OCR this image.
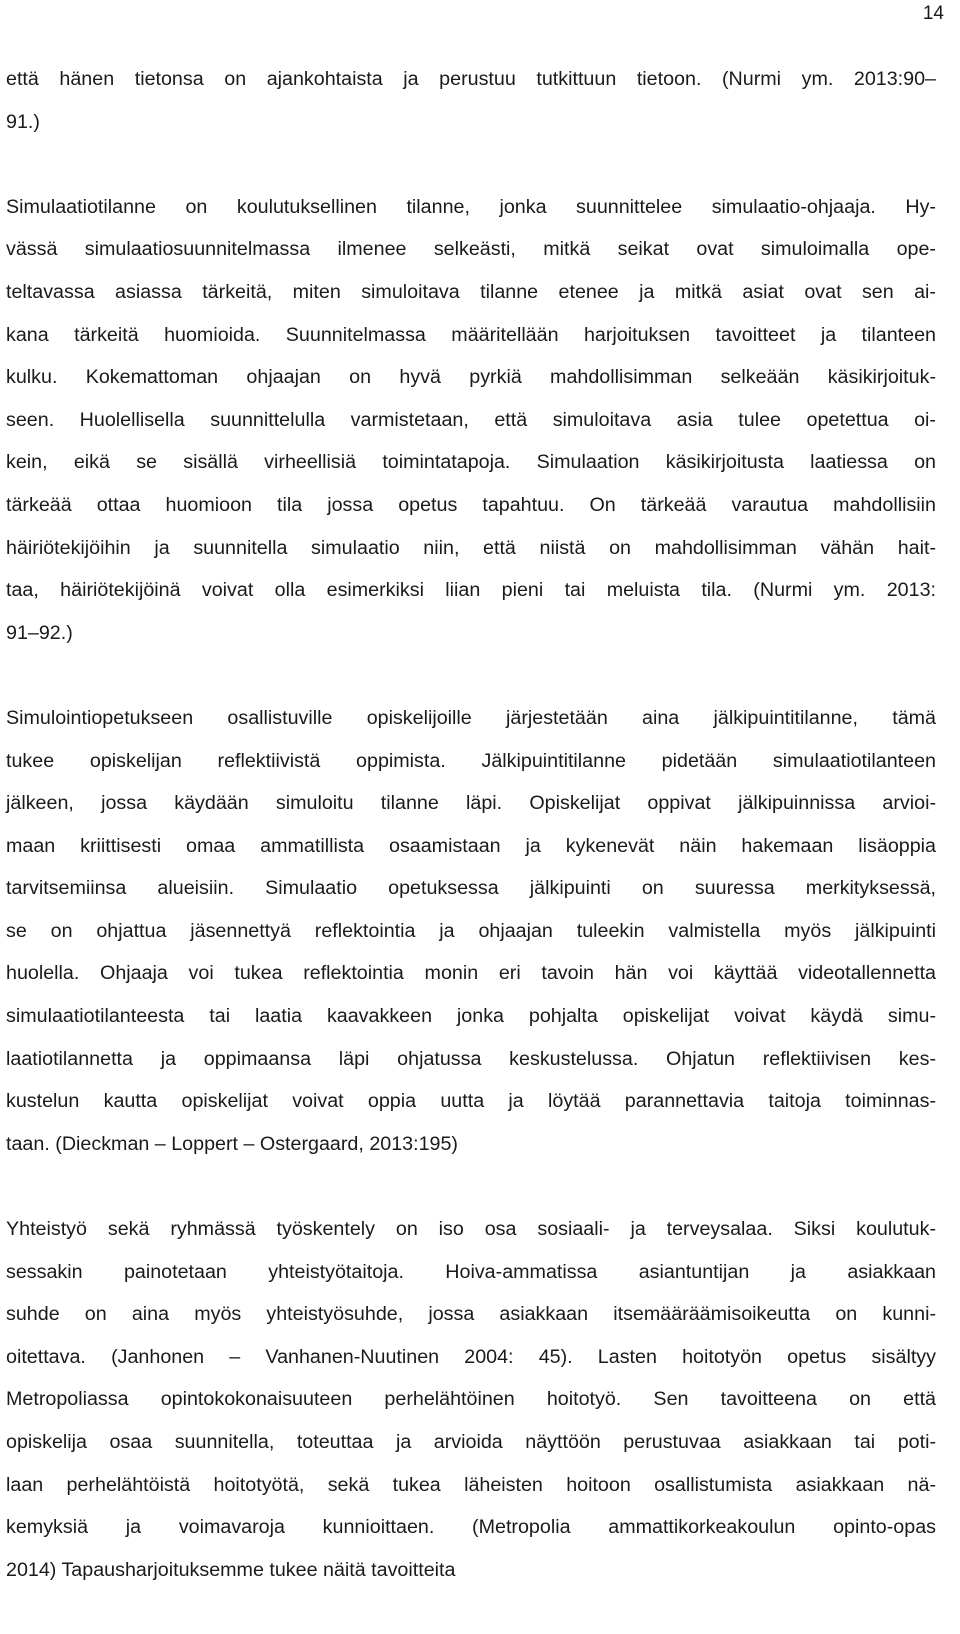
14
että hänen tietonsa on ajankohtaista ja perustuu tutkittuun tietoon. (Nurmi ym. 2013:90–
91.)
Simulaatiotilanne on koulutuksellinen tilanne, jonka suunnittelee simulaatio-ohjaaja. Hy-
vässä simulaatiosuunnitelmassa ilmenee selkeästi, mitkä seikat ovat simuloimalla ope-
teltavassa asiassa tärkeitä, miten simuloitava tilanne etenee ja mitkä asiat ovat sen ai-
kana tärkeitä huomioida. Suunnitelmassa määritellään harjoituksen tavoitteet ja tilanteen
kulku. Kokemattoman ohjaajan on hyvä pyrkiä mahdollisimman selkeään käsikirjoituk-
seen. Huolellisella suunnittelulla varmistetaan, että simuloitava asia tulee opetettua oi-
kein, eikä se sisällä virheellisiä toimintatapoja. Simulaation käsikirjoitusta laatiessa on
tärkeää ottaa huomioon tila jossa opetus tapahtuu. On tärkeää varautua mahdollisiin
häiriötekijöihin ja suunnitella simulaatio niin, että niistä on mahdollisimman vähän hait-
taa, häiriötekijöinä voivat olla esimerkiksi liian pieni tai meluista tila. (Nurmi ym. 2013:
91–92.)
Simulointiopetukseen osallistuville opiskelijoille järjestetään aina jälkipuintitilanne, tämä
tukee opiskelijan reflektiivistä oppimista. Jälkipuintitilanne pidetään simulaatiotilanteen
jälkeen, jossa käydään simuloitu tilanne läpi. Opiskelijat oppivat jälkipuinnissa arvioi-
maan kriittisesti omaa ammatillista osaamistaan ja kykenevät näin hakemaan lisäoppia
tarvitsemiinsa alueisiin. Simulaatio opetuksessa jälkipuinti on suuressa merkityksessä,
se on ohjattua jäsennettyä reflektointia ja ohjaajan tuleekin valmistella myös jälkipuinti
huolella. Ohjaaja voi tukea reflektointia monin eri tavoin hän voi käyttää videotallennetta
simulaatiotilanteesta tai laatia kaavakkeen jonka pohjalta opiskelijat voivat käydä simu-
laatiotilannetta ja oppimaansa läpi ohjatussa keskustelussa. Ohjatun reflektiivisen kes-
kustelun kautta opiskelijat voivat oppia uutta ja löytää parannettavia taitoja toiminnas-
taan. (Dieckman – Loppert – Ostergaard, 2013:195)
Yhteistyö sekä ryhmässä työskentely on iso osa sosiaali- ja terveysalaa. Siksi koulutuk-
sessakin painotetaan yhteistyötaitoja. Hoiva-ammatissa asiantuntijan ja asiakkaan
suhde on aina myös yhteistyösuhde, jossa asiakkaan itsemääräämisoikeutta on kunni-
oitettava. (Janhonen – Vanhanen-Nuutinen 2004: 45). Lasten hoitotyön opetus sisältyy
Metropoliassa opintokokonaisuuteen perhelähtöinen hoitotyö. Sen tavoitteena on että
opiskelija osaa suunnitella, toteuttaa ja arvioida näyttöön perustuvaa asiakkaan tai poti-
laan perhelähtöistä hoitotyötä, sekä tukea läheisten hoitoon osallistumista asiakkaan nä-
kemyksiä ja voimavaroja kunnioittaen. (Metropolia ammattikorkeakoulun opinto-opas
2014) Tapausharjoituksemme tukee näitä tavoitteita
